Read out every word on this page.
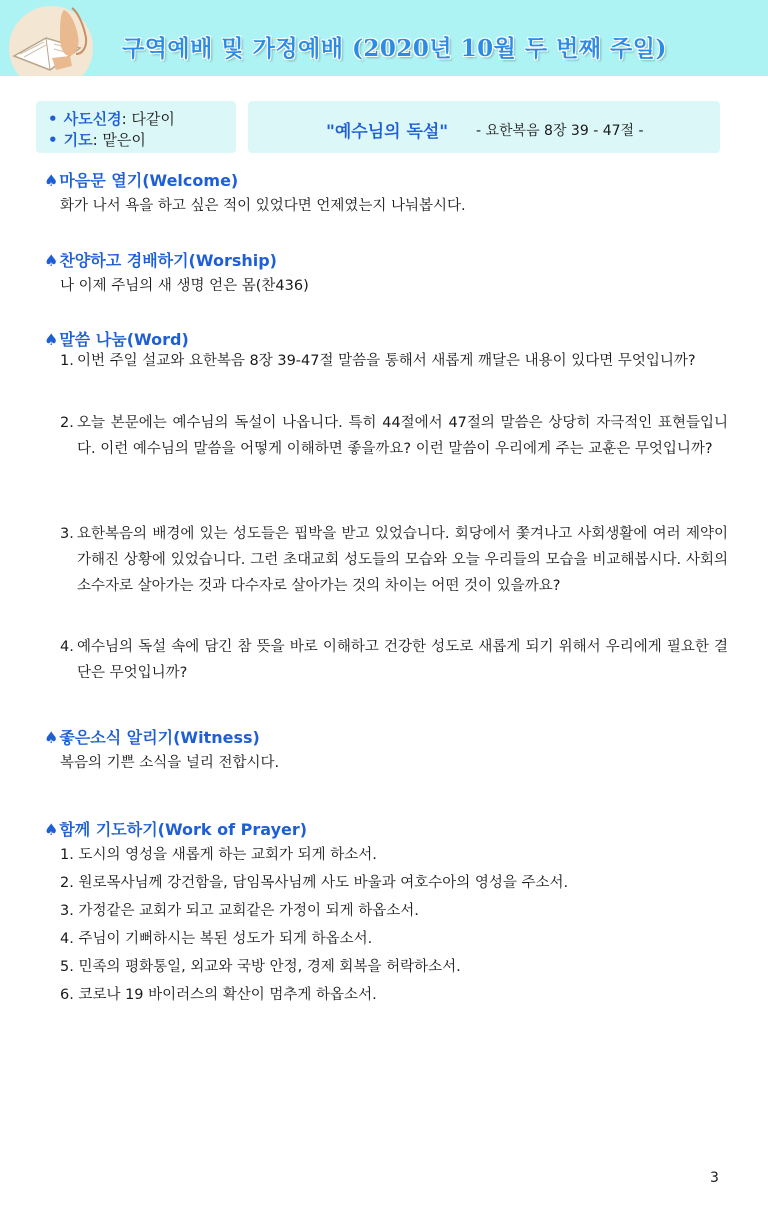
구역예배 및 가정예배 (2020년 10월 두 번째 주일)
• 사도신경: 다같이
• 기도: 맡은이	"예수님의 독설" - 요한복음 8장 39 - 47절 -
♠마음문 열기(Welcome)
화가 나서 욕을 하고 싶은 적이 있었다면 언제였는지 나눠봅시다.
♠찬양하고 경배하기(Worship)
나 이제 주님의 새 생명 얻은 몸(찬436)
♠말씀 나눔(Word)
1. 이번 주일 설교와 요한복음 8장 39-47절 말씀을 통해서 새롭게 깨달은 내용이 있다면 무엇입니까?
2. 오늘 본문에는 예수님의 독설이 나옵니다. 특히 44절에서 47절의 말씀은 상당히 자극적인 표현들입니다. 이런 예수님의 말씀을 어떻게 이해하면 좋을까요? 이런 말씀이 우리에게 주는 교훈은 무엇입니까?
3. 요한복음의 배경에 있는 성도들은 핍박을 받고 있었습니다. 회당에서 쫓겨나고 사회생활에 여러 제약이 가해진 상황에 있었습니다. 그런 초대교회 성도들의 모습와 오늘 우리들의 모습을 비교해봅시다. 사회의 소수자로 살아가는 것과 다수자로 살아가는 것의 차이는 어떤 것이 있을까요?
4. 예수님의 독설 속에 담긴 참 뜻을 바로 이해하고 건강한 성도로 새롭게 되기 위해서 우리에게 필요한 결단은 무엇입니까?
♠좋은소식 알리기(Witness)
복음의 기쁜 소식을 널리 전합시다.
♠함께 기도하기(Work of Prayer)
1. 도시의 영성을 새롭게 하는 교회가 되게 하소서.
2. 원로목사님께 강건함을, 담임목사님께 사도 바울과 여호수아의 영성을 주소서.
3. 가정같은 교회가 되고 교회같은 가정이 되게 하옵소서.
4. 주님이 기뻐하시는 복된 성도가 되게 하옵소서.
5. 민족의 평화통일, 외교와 국방 안정, 경제 회복을 허락하소서.
6. 코로나 19 바이러스의 확산이 멈추게 하옵소서.
3
